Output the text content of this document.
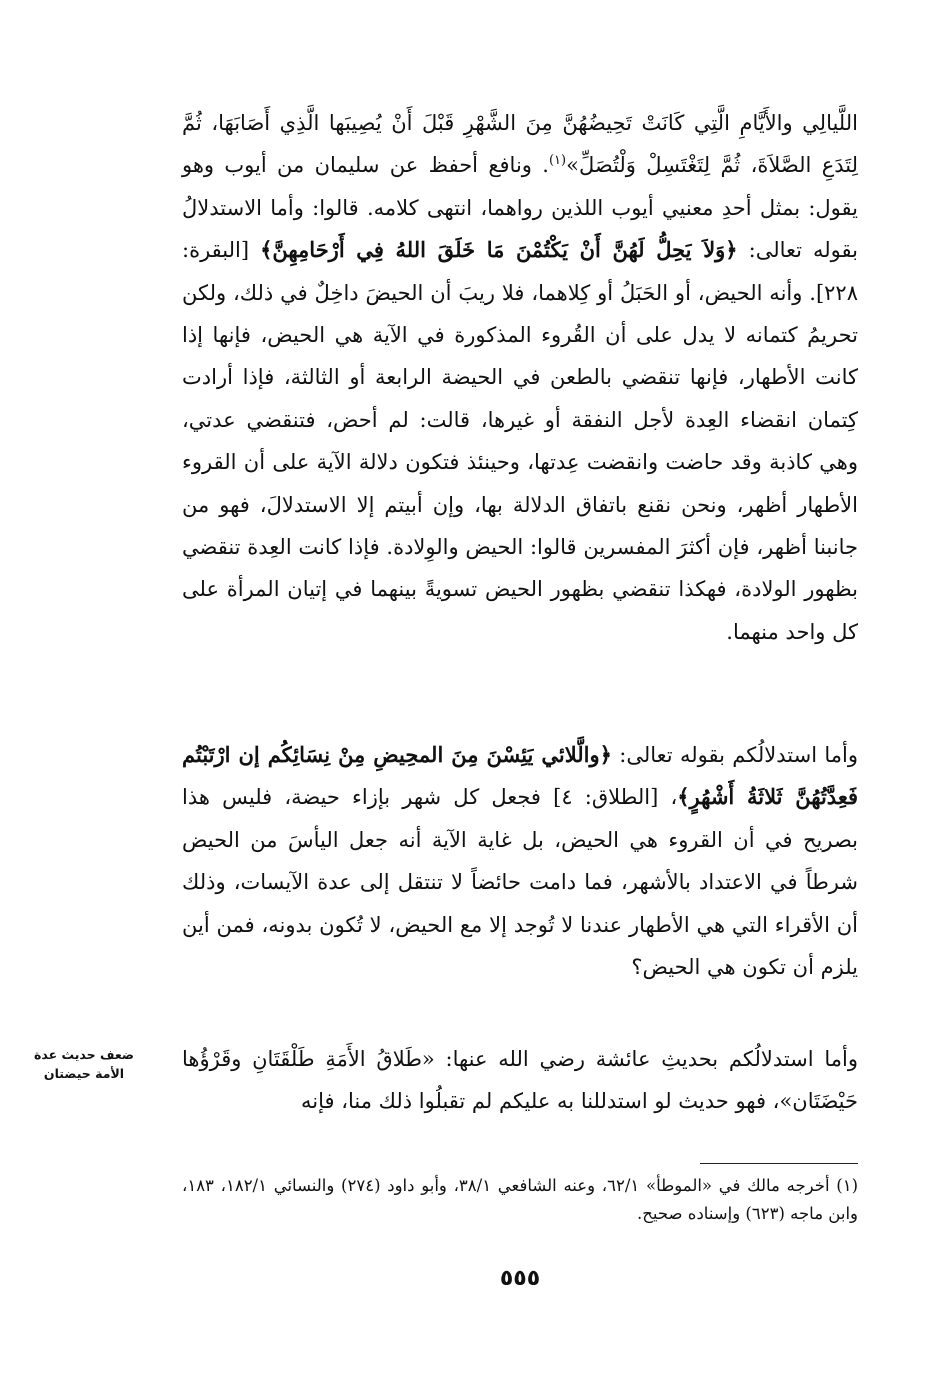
اللَّيالِي والأَيَّامِ الَّتِي كَانَتْ تَحِيضُهُنَّ مِنَ الشَّهْرِ قَبْلَ أَنْ يُصِيبَها الَّذِي أَصَابَهَا، ثُمَّ لِتَدَعِ الصَّلاَةَ، ثُمَّ لِتَغْتَسِلْ وَلْتُصَلِّ»$^{(١)}$. ونافع أحفظ عن سليمان من أيوب وهو يقول: بمثل أحدِ معنيي أيوب اللذين رواهما، انتهى كلامه. قالوا: وأما الاستدلالُ بقوله تعالى: ﴿وَلاَ يَحِلُّ لَهُنَّ أَنْ يَكْتُمْنَ مَا خَلَقَ اللهُ فِي أَرْحَامِهِنَّ﴾ [البقرة: ٢٢٨]. وأنه الحيض، أو الحَبَلُ أو كِلاهما، فلا ريبَ أن الحيضَ داخِلٌ في ذلك، ولكن تحريمُ كتمانه لا يدل على أن القُروء المذكورة في الآية هي الحيض، فإنها إذا كانت الأطهار، فإنها تنقضي بالطعن في الحيضة الرابعة أو الثالثة، فإذا أرادت كِتمان انقضاء العِدة لأجل النفقة أو غيرها، قالت: لم أحض، فتنقضي عدتي، وهي كاذبة وقد حاضت وانقضت عِدتها، وحينئذ فتكون دلالة الآية على أن القروء الأطهار أظهر، ونحن نقنع باتفاق الدلالة بها، وإن أبيتم إلا الاستدلالَ، فهو من جانبنا أظهر، فإن أكثرَ المفسرين قالوا: الحيض والوِلادة. فإذا كانت العِدة تنقضي بظهور الولادة، فهكذا تنقضي بظهور الحيض تسويةً بينهما في إتيان المرأة على كل واحد منهما.
وأما استدلالُكم بقوله تعالى: ﴿والَّلائي يَئِسْنَ مِنَ المحِيضِ مِنْ نِسَائِكُم إن ارْتَبْتُم فَعِدَّتُهُنَّ ثَلاثَةُ أَشْهُرٍ﴾، [الطلاق: ٤] فجعل كل شهر بإزاء حيضة، فليس هذا بصريح في أن القروء هي الحيض، بل غاية الآية أنه جعل اليأسَ من الحيض شرطاً في الاعتداد بالأشهر، فما دامت حائضاً لا تنتقل إلى عدة الآيسات، وذلك أن الأقراء التي هي الأطهار عندنا لا تُوجد إلا مع الحيض، لا تُكون بدونه، فمن أين يلزم أن تكون هي الحيض؟
ضعف حديث عدة الأمة حيضتان
وأما استدلالُكم بحديثِ عائشة رضي الله عنها: «طَلاقُ الأَمَةِ طَلْقَتَانِ وقَرْؤُها حَيْضَتَان»، فهو حديث لو استدللنا به عليكم لم تقبلُوا ذلك منا، فإنه
(١) أخرجه مالك في «الموطأ» ٦٢/١، وعنه الشافعي ٣٨/١، وأبو داود (٢٧٤) والنسائي ١٨٢/١، ١٨٣، وابن ماجه (٦٢٣) وإسناده صحيح.
٥٥٥
